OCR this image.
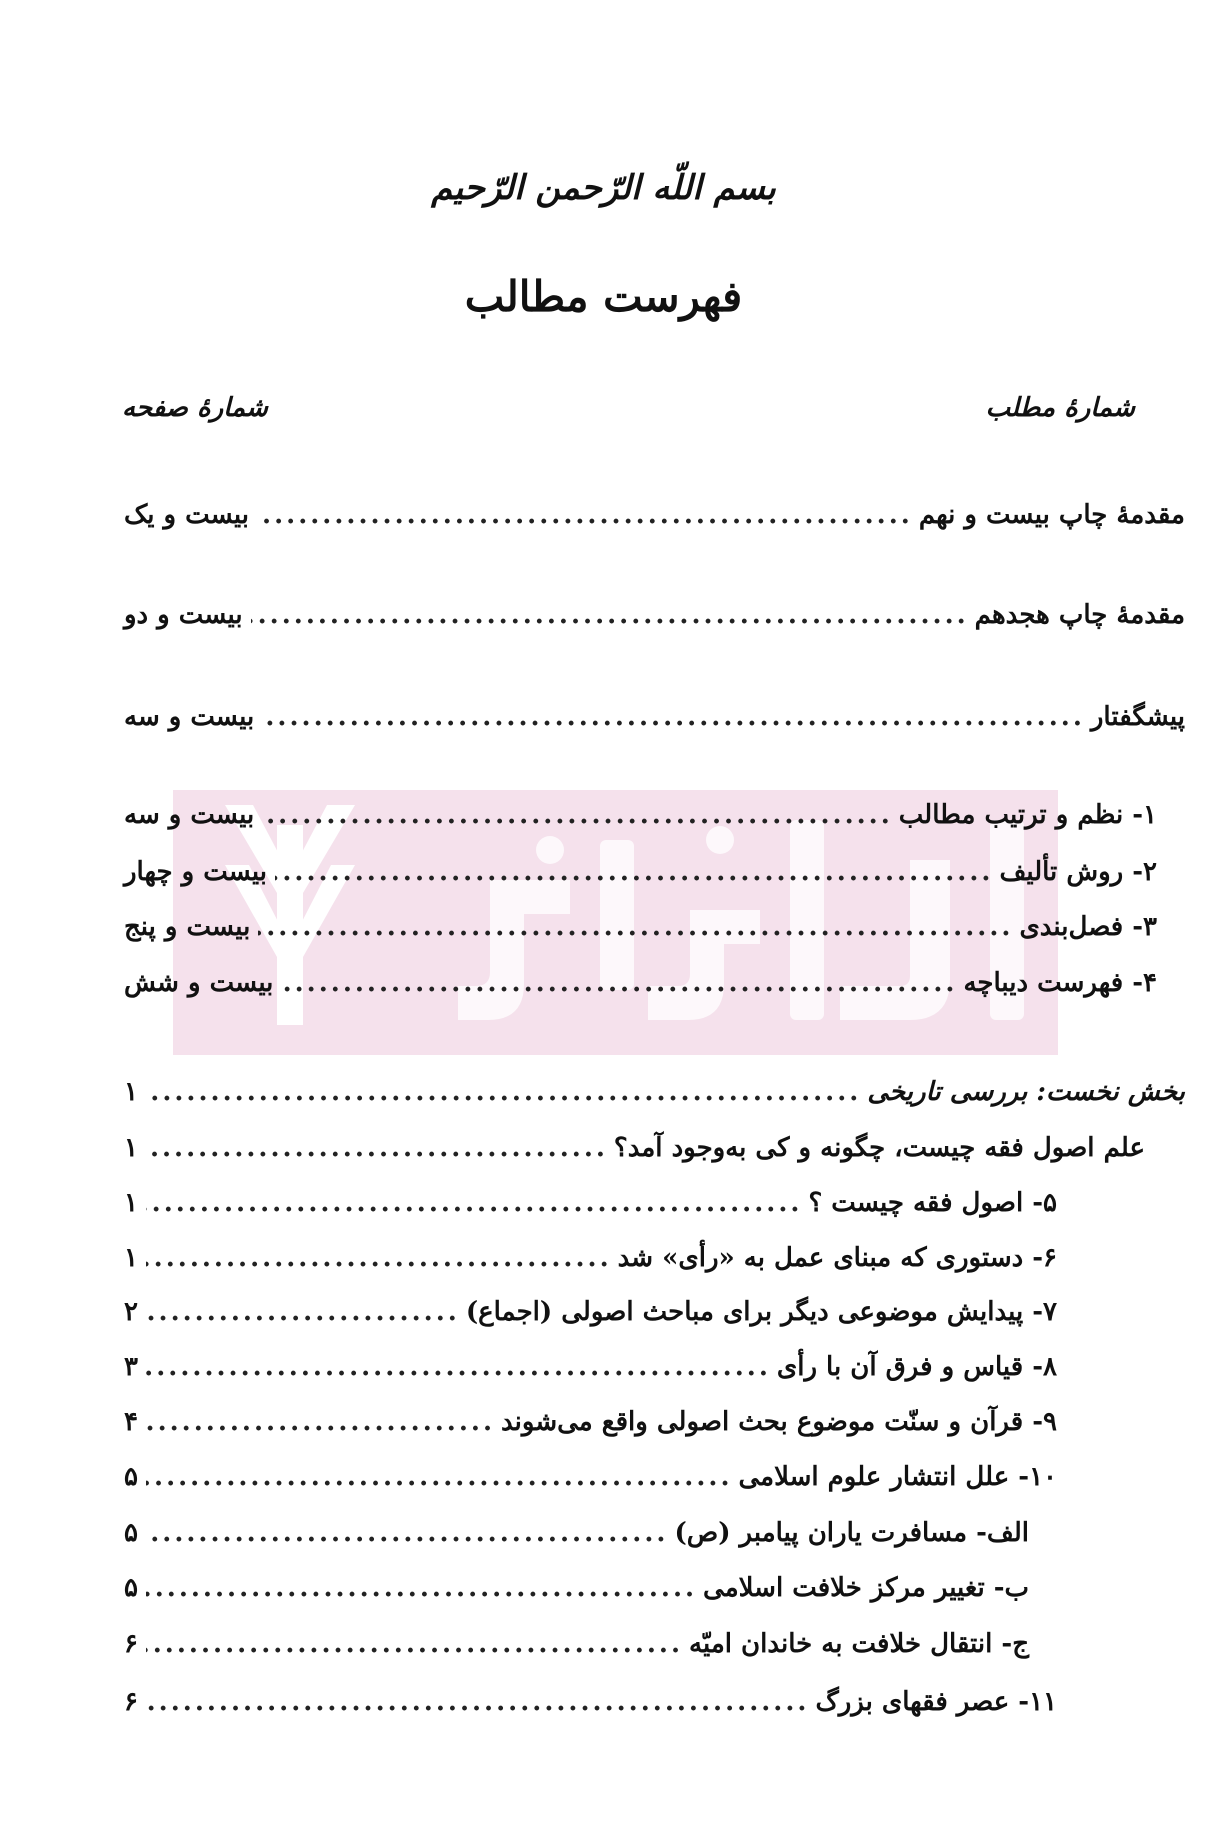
بسم اللّه الرّحمن الرّحیم
فهرست مطالب
شمارهٔ مطلب
شمارهٔ صفحه
مقدمهٔ چاپ بیست و نهم
.....
بیست و یک
مقدمهٔ چاپ هجدهم
.....
بیست و دو
پیشگفتار
.....
بیست و سه
۱- نظم و ترتیب مطالب
.....
بیست و سه
۲- روش تألیف
.....
بیست و چهار
۳- فصل‌بندی
.....
بیست و پنج
۴- فهرست دیباچه
.....
بیست و شش
بخش نخست: بررسی تاریخی
.....
۱
علم اصول فقه چیست، چگونه و کی به‌وجود آمد؟
.....
۱
۵- اصول فقه چیست ؟
.....
۱
۶- دستوری که مبنای عمل به «رأی» شد
.....
۱
۷- پیدایش موضوعی دیگر برای مباحث اصولی (اجماع)
.....
۲
۸- قیاس و فرق آن با رأی
.....
۳
۹- قرآن و سنّت موضوع بحث اصولی واقع می‌شوند
.....
۴
۱۰- علل انتشار علوم اسلامی
.....
۵
الف- مسافرت یاران پیامبر (ص)
.....
۵
ب- تغییر مرکز خلافت اسلامی
.....
۵
ج- انتقال خلافت به خاندان امیّه
.....
۶
۱۱- عصر فقهای بزرگ
.....
۶
